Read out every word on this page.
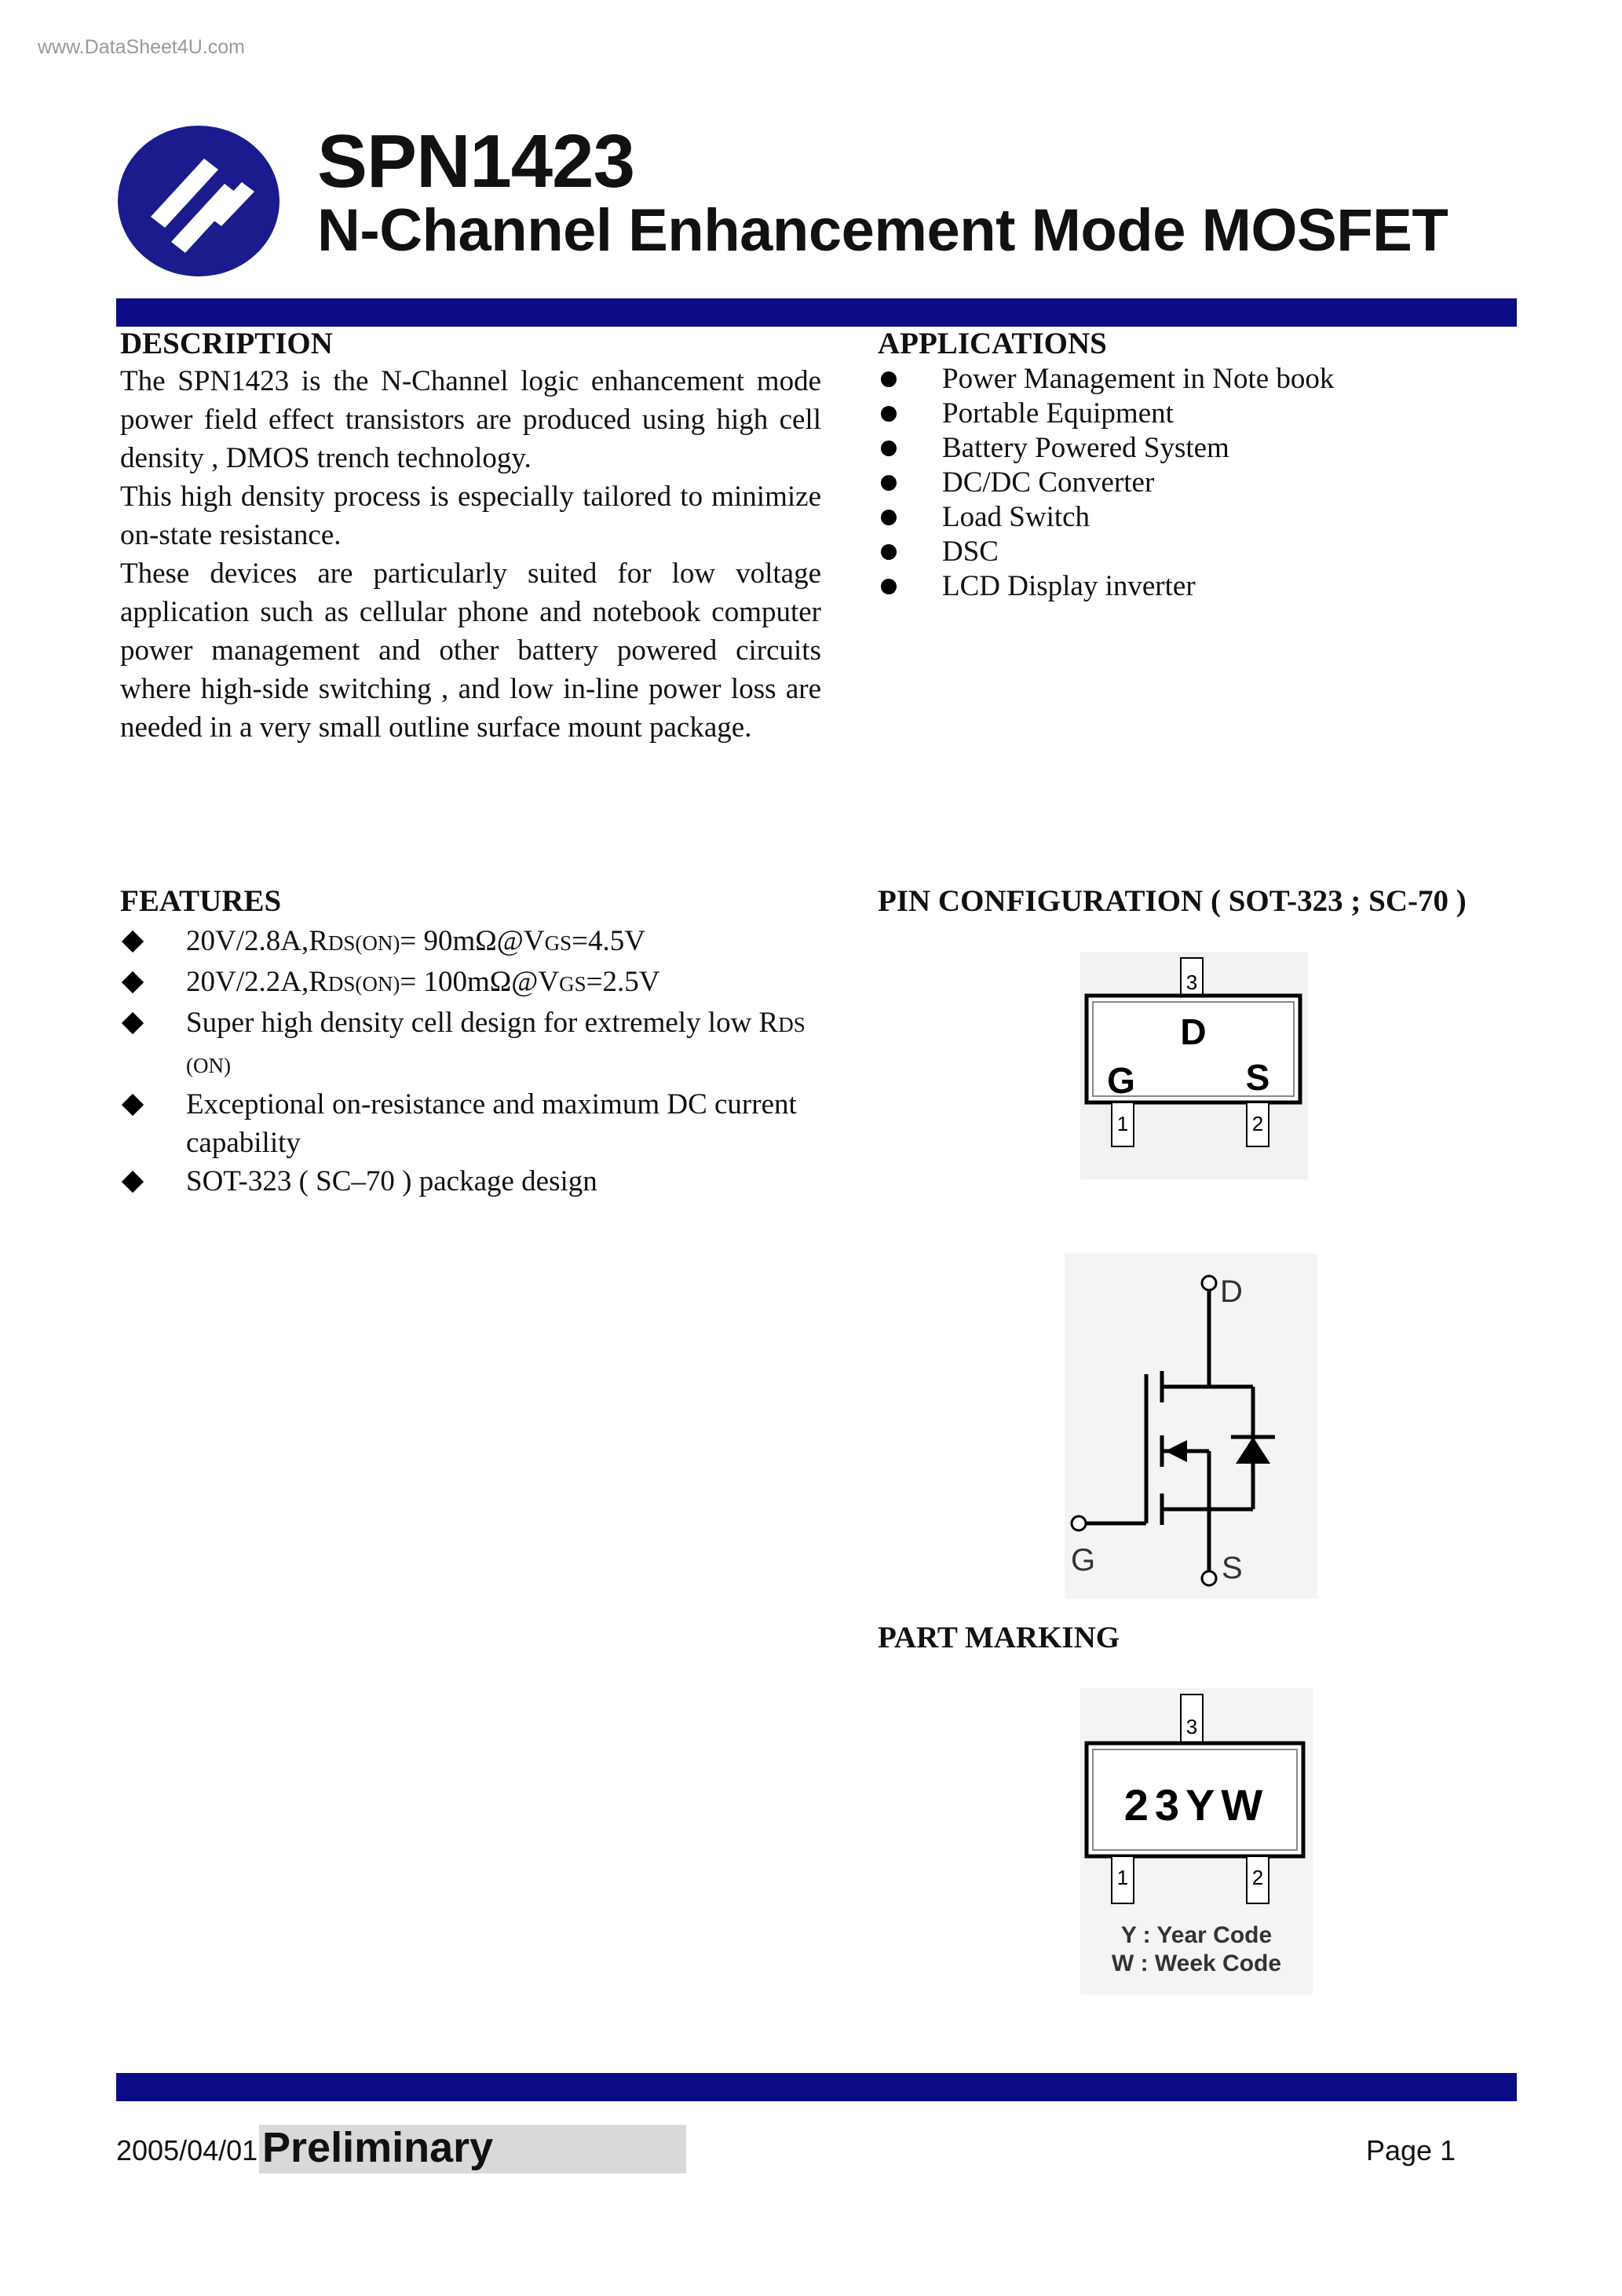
www.DataSheet4U.com
SPN1423
N-Channel Enhancement Mode MOSFET
DESCRIPTION

The SPN1423 is the N-Channel logic enhancement mode power field effect transistors are produced using high cell density , DMOS trench technology.

This high density process is especially tailored to minimize on-state resistance.

These devices are particularly suited for low voltage application such as cellular phone and notebook computer power management and other battery powered circuits where high-side switching , and low in-line power loss are needed in a very small outline surface mount package.

APPLICATIONS
Power Management in Note book
Portable Equipment
Battery Powered System
DC/DC Converter
Load Switch
DSC
LCD Display inverter
FEATURES
20V/2.8A,RDS(ON)= 90mΩ@VGS=4.5V
20V/2.2A,RDS(ON)= 100mΩ@VGS=2.5V
Super high density cell design for extremely low RDS (ON)
Exceptional on-resistance and maximum DC current capability
SOT-323 ( SC–70 ) package design
PIN CONFIGURATION ( SOT-323 ; SC-70 )
3
D
G	S
1	2
D
G	S
PART MARKING
3
23YW
1	2
Y : Year Code
W : Week Code
2005/04/01 Preliminary	Page 1
